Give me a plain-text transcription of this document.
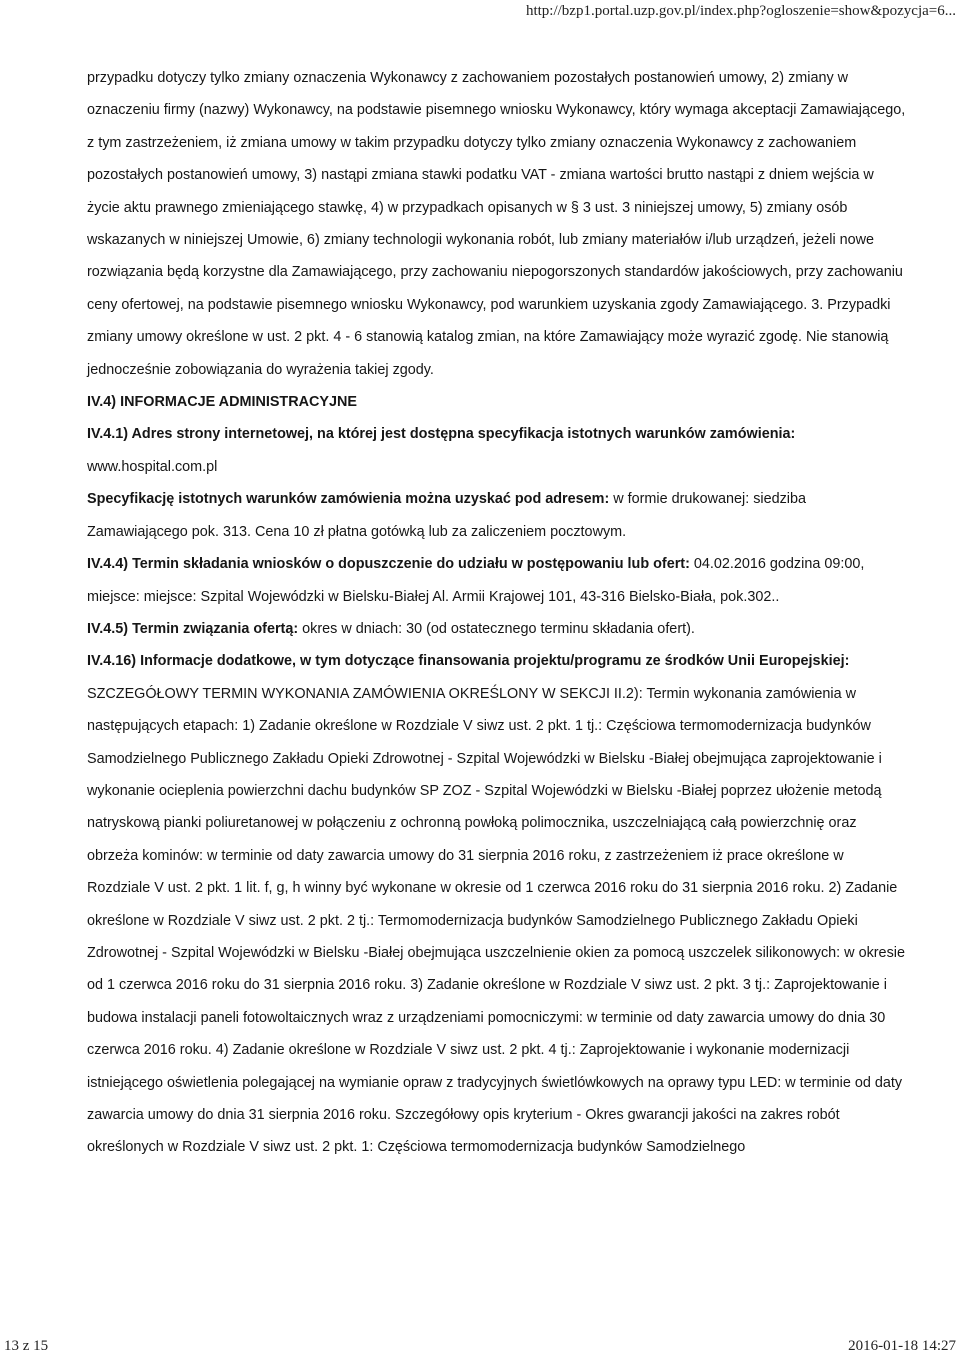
http://bzp1.portal.uzp.gov.pl/index.php?ogloszenie=show&pozycja=6...

przypadku dotyczy tylko zmiany oznaczenia Wykonawcy z zachowaniem pozostałych postanowień umowy, 2) zmiany w oznaczeniu firmy (nazwy) Wykonawcy, na podstawie pisemnego wniosku Wykonawcy, który wymaga akceptacji Zamawiającego, z tym zastrzeżeniem, iż zmiana umowy w takim przypadku dotyczy tylko zmiany oznaczenia Wykonawcy z zachowaniem pozostałych postanowień umowy, 3) nastąpi zmiana stawki podatku VAT - zmiana wartości brutto nastąpi z dniem wejścia w życie aktu prawnego zmieniającego stawkę, 4) w przypadkach opisanych w § 3 ust. 3 niniejszej umowy, 5) zmiany osób wskazanych w niniejszej Umowie, 6) zmiany technologii wykonania robót, lub zmiany materiałów i/lub urządzeń, jeżeli nowe rozwiązania będą korzystne dla Zamawiającego, przy zachowaniu niepogorszonych standardów jakościowych, przy zachowaniu ceny ofertowej, na podstawie pisemnego wniosku Wykonawcy, pod warunkiem uzyskania zgody Zamawiającego. 3. Przypadki zmiany umowy określone w ust. 2 pkt. 4 - 6 stanowią katalog zmian, na które Zamawiający może wyrazić zgodę. Nie stanowią jednocześnie zobowiązania do wyrażenia takiej zgody.

IV.4) INFORMACJE ADMINISTRACYJNE

IV.4.1) Adres strony internetowej, na której jest dostępna specyfikacja istotnych warunków zamówienia:

www.hospital.com.pl

Specyfikację istotnych warunków zamówienia można uzyskać pod adresem: w formie drukowanej: siedziba Zamawiającego pok. 313. Cena 10 zł płatna gotówką lub za zaliczeniem pocztowym.

IV.4.4) Termin składania wniosków o dopuszczenie do udziału w postępowaniu lub ofert: 04.02.2016 godzina 09:00, miejsce: miejsce: Szpital Wojewódzki w Bielsku-Białej Al. Armii Krajowej 101, 43-316 Bielsko-Biała, pok.302..

IV.4.5) Termin związania ofertą: okres w dniach: 30 (od ostatecznego terminu składania ofert).

IV.4.16) Informacje dodatkowe, w tym dotyczące finansowania projektu/programu ze środków Unii Europejskiej: SZCZEGÓŁOWY TERMIN WYKONANIA ZAMÓWIENIA OKREŚLONY W SEKCJI II.2): Termin wykonania zamówienia w następujących etapach: 1) Zadanie określone w Rozdziale V siwz ust. 2 pkt. 1 tj.: Częściowa termomodernizacja budynków Samodzielnego Publicznego Zakładu Opieki Zdrowotnej - Szpital Wojewódzki w Bielsku -Białej obejmująca zaprojektowanie i wykonanie ocieplenia powierzchni dachu budynków SP ZOZ - Szpital Wojewódzki w Bielsku -Białej poprzez ułożenie metodą natryskową pianki poliuretanowej w połączeniu z ochronną powłoką polimocznika, uszczelniającą całą powierzchnię oraz obrzeża kominów: w terminie od daty zawarcia umowy do 31 sierpnia 2016 roku, z zastrzeżeniem iż prace określone w Rozdziale V ust. 2 pkt. 1 lit. f, g, h winny być wykonane w okresie od 1 czerwca 2016 roku do 31 sierpnia 2016 roku. 2) Zadanie określone w Rozdziale V siwz ust. 2 pkt. 2 tj.: Termomodernizacja budynków Samodzielnego Publicznego Zakładu Opieki Zdrowotnej - Szpital Wojewódzki w Bielsku -Białej obejmująca uszczelnienie okien za pomocą uszczelek silikonowych: w okresie od 1 czerwca 2016 roku do 31 sierpnia 2016 roku. 3) Zadanie określone w Rozdziale V siwz ust. 2 pkt. 3 tj.: Zaprojektowanie i budowa instalacji paneli fotowoltaicznych wraz z urządzeniami pomocniczymi: w terminie od daty zawarcia umowy do dnia 30 czerwca 2016 roku. 4) Zadanie określone w Rozdziale V siwz ust. 2 pkt. 4 tj.: Zaprojektowanie i wykonanie modernizacji istniejącego oświetlenia polegającej na wymianie opraw z tradycyjnych świetlówkowych na oprawy typu LED: w terminie od daty zawarcia umowy do dnia 31 sierpnia 2016 roku. Szczegółowy opis kryterium - Okres gwarancji jakości na zakres robót określonych w Rozdziale V siwz ust. 2 pkt. 1: Częściowa termomodernizacja budynków Samodzielnego

13 z 15	2016-01-18 14:27
